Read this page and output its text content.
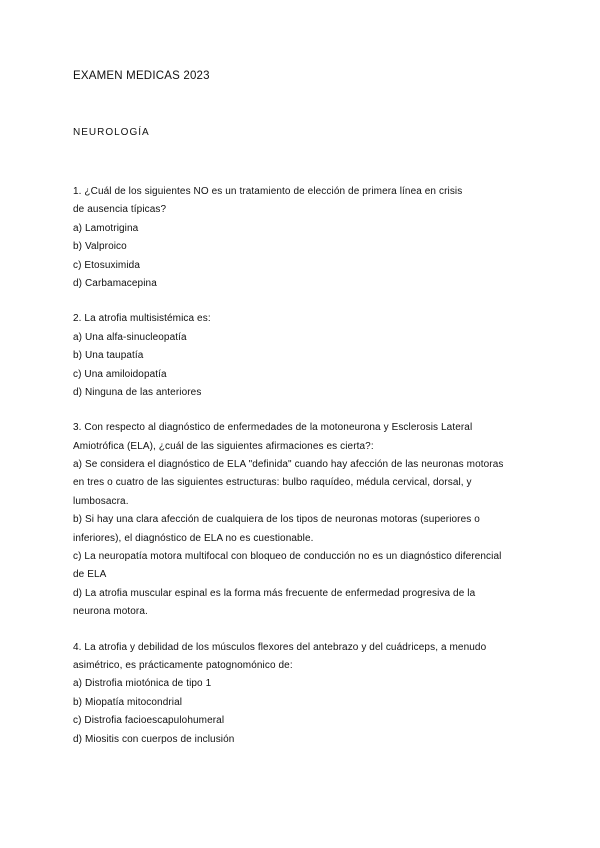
EXAMEN MEDICAS 2023
NEUROLOGÍA
1. ¿Cuál de los siguientes NO es un tratamiento de elección de primera línea en crisis
de ausencia típicas?
a) Lamotrigina
b) Valproico
c) Etosuximida
d) Carbamacepina
2. La atrofia multisistémica es:
a) Una alfa-sinucleopatía
b) Una taupatía
c) Una amiloidopatía
d) Ninguna de las anteriores
3. Con respecto al diagnóstico de enfermedades de la motoneurona y Esclerosis Lateral
Amiotrófica (ELA), ¿cuál de las siguientes afirmaciones es cierta?:
a) Se considera el diagnóstico de ELA "definida" cuando hay afección de las neuronas motoras
en tres o cuatro de las siguientes estructuras: bulbo raquídeo, médula cervical, dorsal, y
lumbosacra.
b) Si hay una clara afección de cualquiera de los tipos de neuronas motoras (superiores o
inferiores), el diagnóstico de ELA no es cuestionable.
c) La neuropatía motora multifocal con bloqueo de conducción no es un diagnóstico diferencial
de ELA
d) La atrofia muscular espinal es la forma más frecuente de enfermedad progresiva de la
neurona motora.
4. La atrofia y debilidad de los músculos flexores del antebrazo y del cuádriceps, a menudo
asimétrico, es prácticamente patognomónico de:
a) Distrofia miotónica de tipo 1
b) Miopatía mitocondrial
c) Distrofia facioescapulohumeral
d) Miositis con cuerpos de inclusión
